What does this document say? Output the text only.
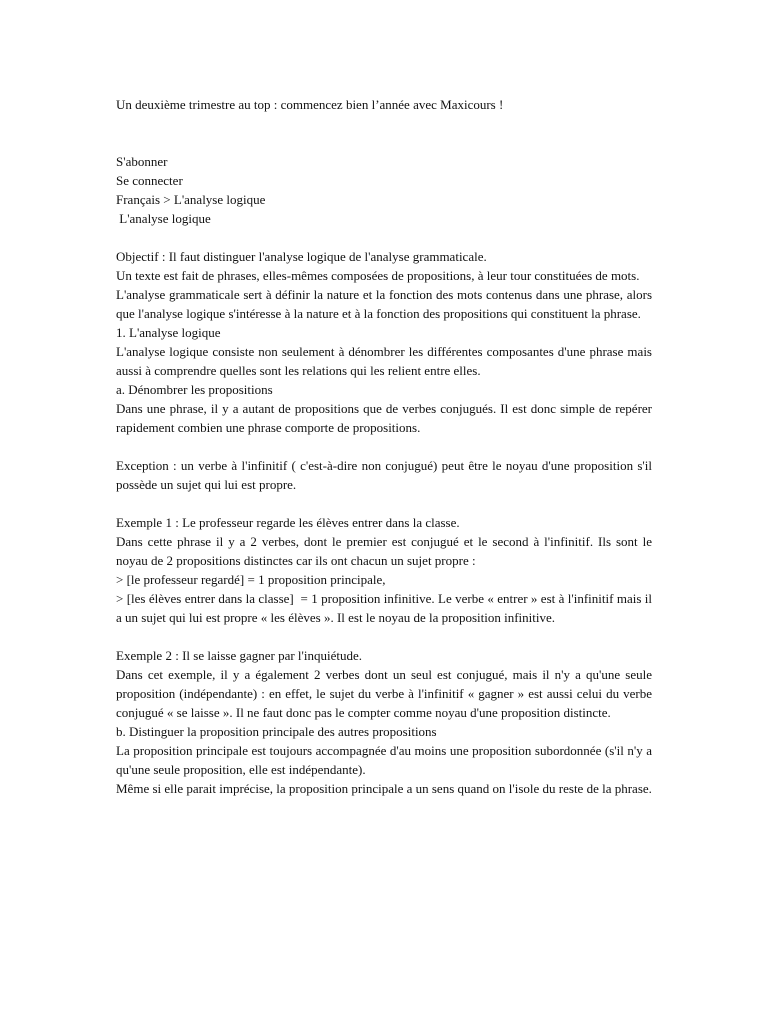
Un deuxième trimestre au top : commencez bien l’année avec Maxicours !
S'abonner
Se connecter
Français > L'analyse logique
L'analyse logique
Objectif : Il faut distinguer l'analyse logique de l'analyse grammaticale.
Un texte est fait de phrases, elles-mêmes composées de propositions, à leur tour constituées de mots.
L'analyse grammaticale sert à définir la nature et la fonction des mots contenus dans une phrase, alors que l'analyse logique s'intéresse à la nature et à la fonction des propositions qui constituent la phrase.
1. L'analyse logique
L'analyse logique consiste non seulement à dénombrer les différentes composantes d'une phrase mais aussi à comprendre quelles sont les relations qui les relient entre elles.
a. Dénombrer les propositions
Dans une phrase, il y a autant de propositions que de verbes conjugués. Il est donc simple de repérer rapidement combien une phrase comporte de propositions.
Exception : un verbe à l'infinitif ( c'est-à-dire non conjugué) peut être le noyau d'une proposition s'il possède un sujet qui lui est propre.
Exemple 1 : Le professeur regarde les élèves entrer dans la classe.
Dans cette phrase il y a 2 verbes, dont le premier est conjugué et le second à l'infinitif. Ils sont le noyau de 2 propositions distinctes car ils ont chacun un sujet propre :
> [le professeur regardé] = 1 proposition principale,
> [les élèves entrer dans la classe]  = 1 proposition infinitive. Le verbe « entrer » est à l'infinitif mais il a un sujet qui lui est propre « les élèves ». Il est le noyau de la proposition infinitive.
Exemple 2 : Il se laisse gagner par l'inquiétude.
Dans cet exemple, il y a également 2 verbes dont un seul est conjugué, mais il n'y a qu'une seule proposition (indépendante) : en effet, le sujet du verbe à l'infinitif « gagner » est aussi celui du verbe conjugué « se laisse ». Il ne faut donc pas le compter comme noyau d'une proposition distincte.
b. Distinguer la proposition principale des autres propositions
La proposition principale est toujours accompagnée d'au moins une proposition subordonnée (s'il n'y a qu'une seule proposition, elle est indépendante).
Même si elle parait imprécise, la proposition principale a un sens quand on l'isole du reste de la phrase.
